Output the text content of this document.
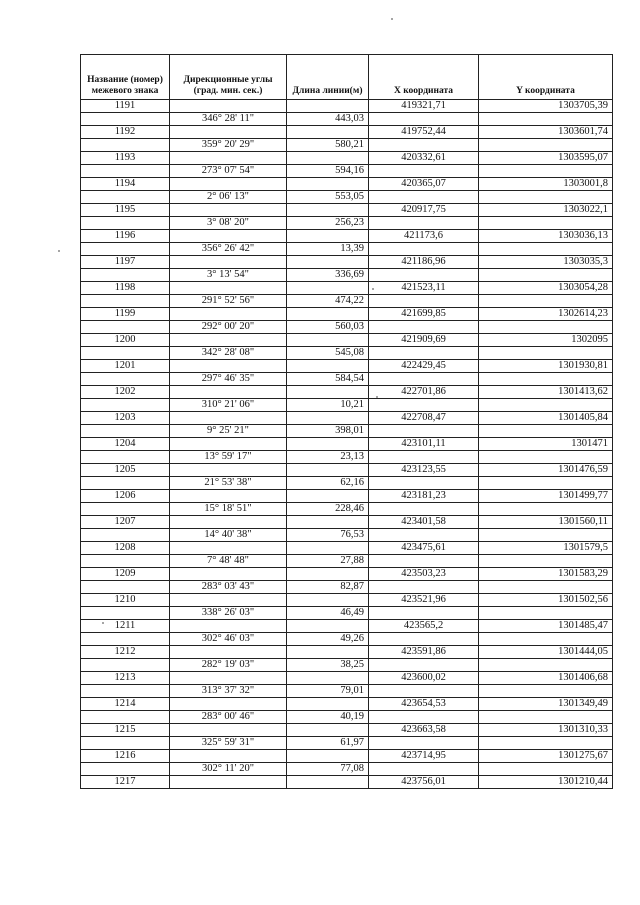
Название (номер) межевого знака	Дирекционные углы (град. мин. сек.)	Длина линии(м)	X координата	Y координата
1191			419321,71	1303705,39
	346° 28' 11"	443,03		
1192			419752,44	1303601,74
	359° 20' 29"	580,21		
1193			420332,61	1303595,07
	273° 07' 54"	594,16		
1194			420365,07	1303001,8
	2° 06' 13"	553,05		
1195			420917,75	1303022,1
	3° 08' 20"	256,23		
1196			421173,6	1303036,13
	356° 26' 42"	13,39		
1197			421186,96	1303035,3
	3° 13' 54"	336,69		
1198			421523,11	1303054,28
	291° 52' 56"	474,22		
1199			421699,85	1302614,23
	292° 00' 20"	560,03		
1200			421909,69	1302095
	342° 28' 08"	545,08		
1201			422429,45	1301930,81
	297° 46' 35"	584,54		
1202			422701,86	1301413,62
	310° 21' 06"	10,21		
1203			422708,47	1301405,84
	9° 25' 21"	398,01		
1204			423101,11	1301471
	13° 59' 17"	23,13		
1205			423123,55	1301476,59
	21° 53' 38"	62,16		
1206			423181,23	1301499,77
	15° 18' 51"	228,46		
1207			423401,58	1301560,11
	14° 40' 38"	76,53		
1208			423475,61	1301579,5
	7° 48' 48"	27,88		
1209			423503,23	1301583,29
	283° 03' 43"	82,87		
1210			423521,96	1301502,56
	338° 26' 03"	46,49		
1211			423565,2	1301485,47
	302° 46' 03"	49,26		
1212			423591,86	1301444,05
	282° 19' 03"	38,25		
1213			423600,02	1301406,68
	313° 37' 32"	79,01		
1214			423654,53	1301349,49
	283° 00' 46"	40,19		
1215			423663,58	1301310,33
	325° 59' 31"	61,97		
1216			423714,95	1301275,67
	302° 11' 20"	77,08		
1217			423756,01	1301210,44
